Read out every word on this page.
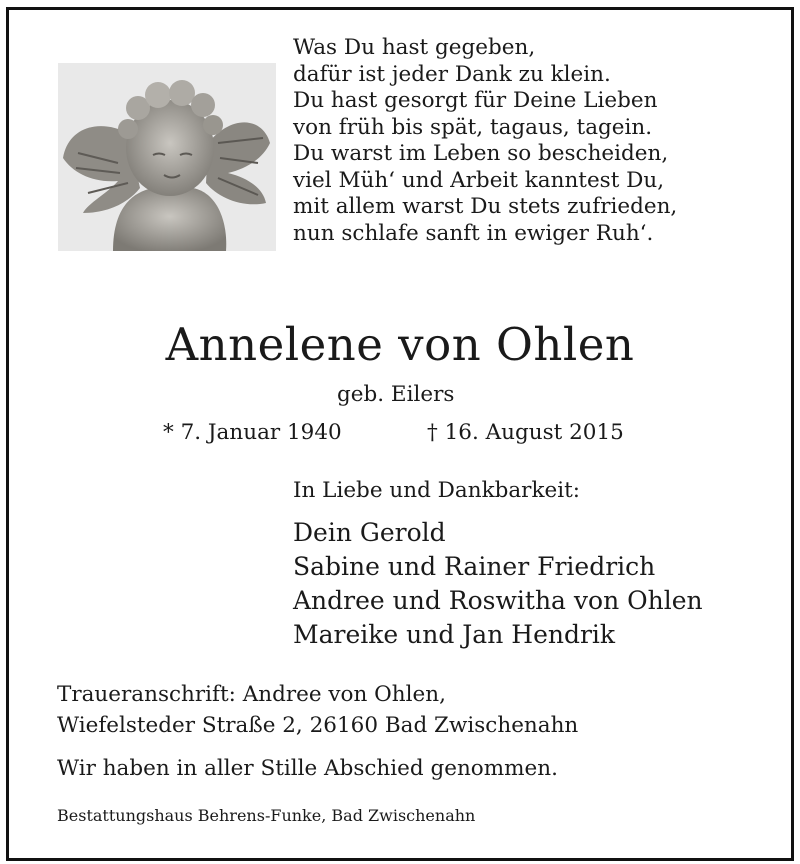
Was Du hast gegeben,
dafür ist jeder Dank zu klein.
Du hast gesorgt für Deine Lieben
von früh bis spät, tagaus, tagein.
Du warst im Leben so bescheiden,
viel Müh‘ und Arbeit kanntest Du,
mit allem warst Du stets zufrieden,
nun schlafe sanft in ewiger Ruh‘.
Annelene von Ohlen
geb. Eilers
* 7. Januar 1940	† 16. August 2015
In Liebe und Dankbarkeit:
Dein Gerold
Sabine und Rainer Friedrich
Andree und Roswitha von Ohlen
Mareike und Jan Hendrik
Traueranschrift: Andree von Ohlen,
Wiefelsteder Straße 2, 26160 Bad Zwischenahn
Wir haben in aller Stille Abschied genommen.
Bestattungshaus Behrens-Funke, Bad Zwischenahn
